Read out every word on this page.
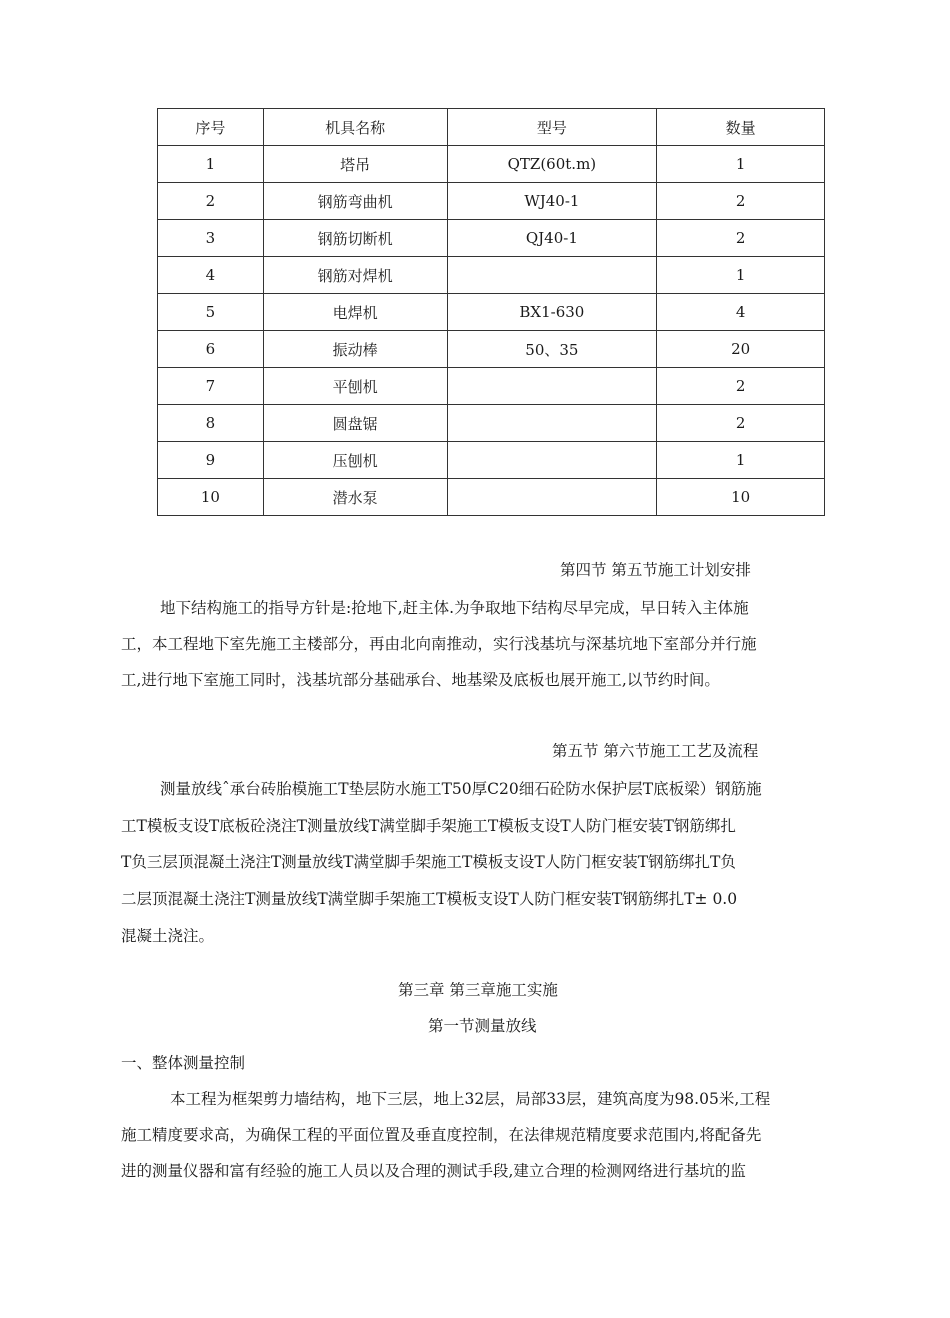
序号	机具名称	型号	数量
1	塔吊	QTZ(60t.m)	1
2	钢筋弯曲机	WJ40-1	2
3	钢筋切断机	QJ40-1	2
4	钢筋对焊机		1
5	电焊机	BX1-630	4
6	振动棒	50、35	20
7	平刨机		2
8	圆盘锯		2
9	压刨机		1
10	潜水泵		10
第四节 第五节施工计划安排
地下结构施工的指导方针是:抢地下,赶主体.为争取地下结构尽早完成，早日转入主体施
工，本工程地下室先施工主楼部分，再由北向南推动，实行浅基坑与深基坑地下室部分并行施
工,进行地下室施工同时，浅基坑部分基础承台、地基梁及底板也展开施工,以节约时间。
第五节 第六节施工工艺及流程
测量放线ˆ承台砖胎模施工T垫层防水施工T50厚C20细石砼防水保护层T底板梁）钢筋施
工T模板支设T底板砼浇注T测量放线T满堂脚手架施工T模板支设T人防门框安装T钢筋绑扎
T负三层顶混凝土浇注T测量放线T满堂脚手架施工T模板支设T人防门框安装T钢筋绑扎T负
二层顶混凝土浇注T测量放线T满堂脚手架施工T模板支设T人防门框安装T钢筋绑扎T± 0.0
混凝土浇注。
第三章 第三章施工实施
第一节测量放线
一、整体测量控制
本工程为框架剪力墙结构，地下三层，地上32层，局部33层，建筑高度为98.05米,工程
施工精度要求高，为确保工程的平面位置及垂直度控制，在法律规范精度要求范围内,将配备先
进的测量仪器和富有经验的施工人员以及合理的测试手段,建立合理的检测网络进行基坑的监
